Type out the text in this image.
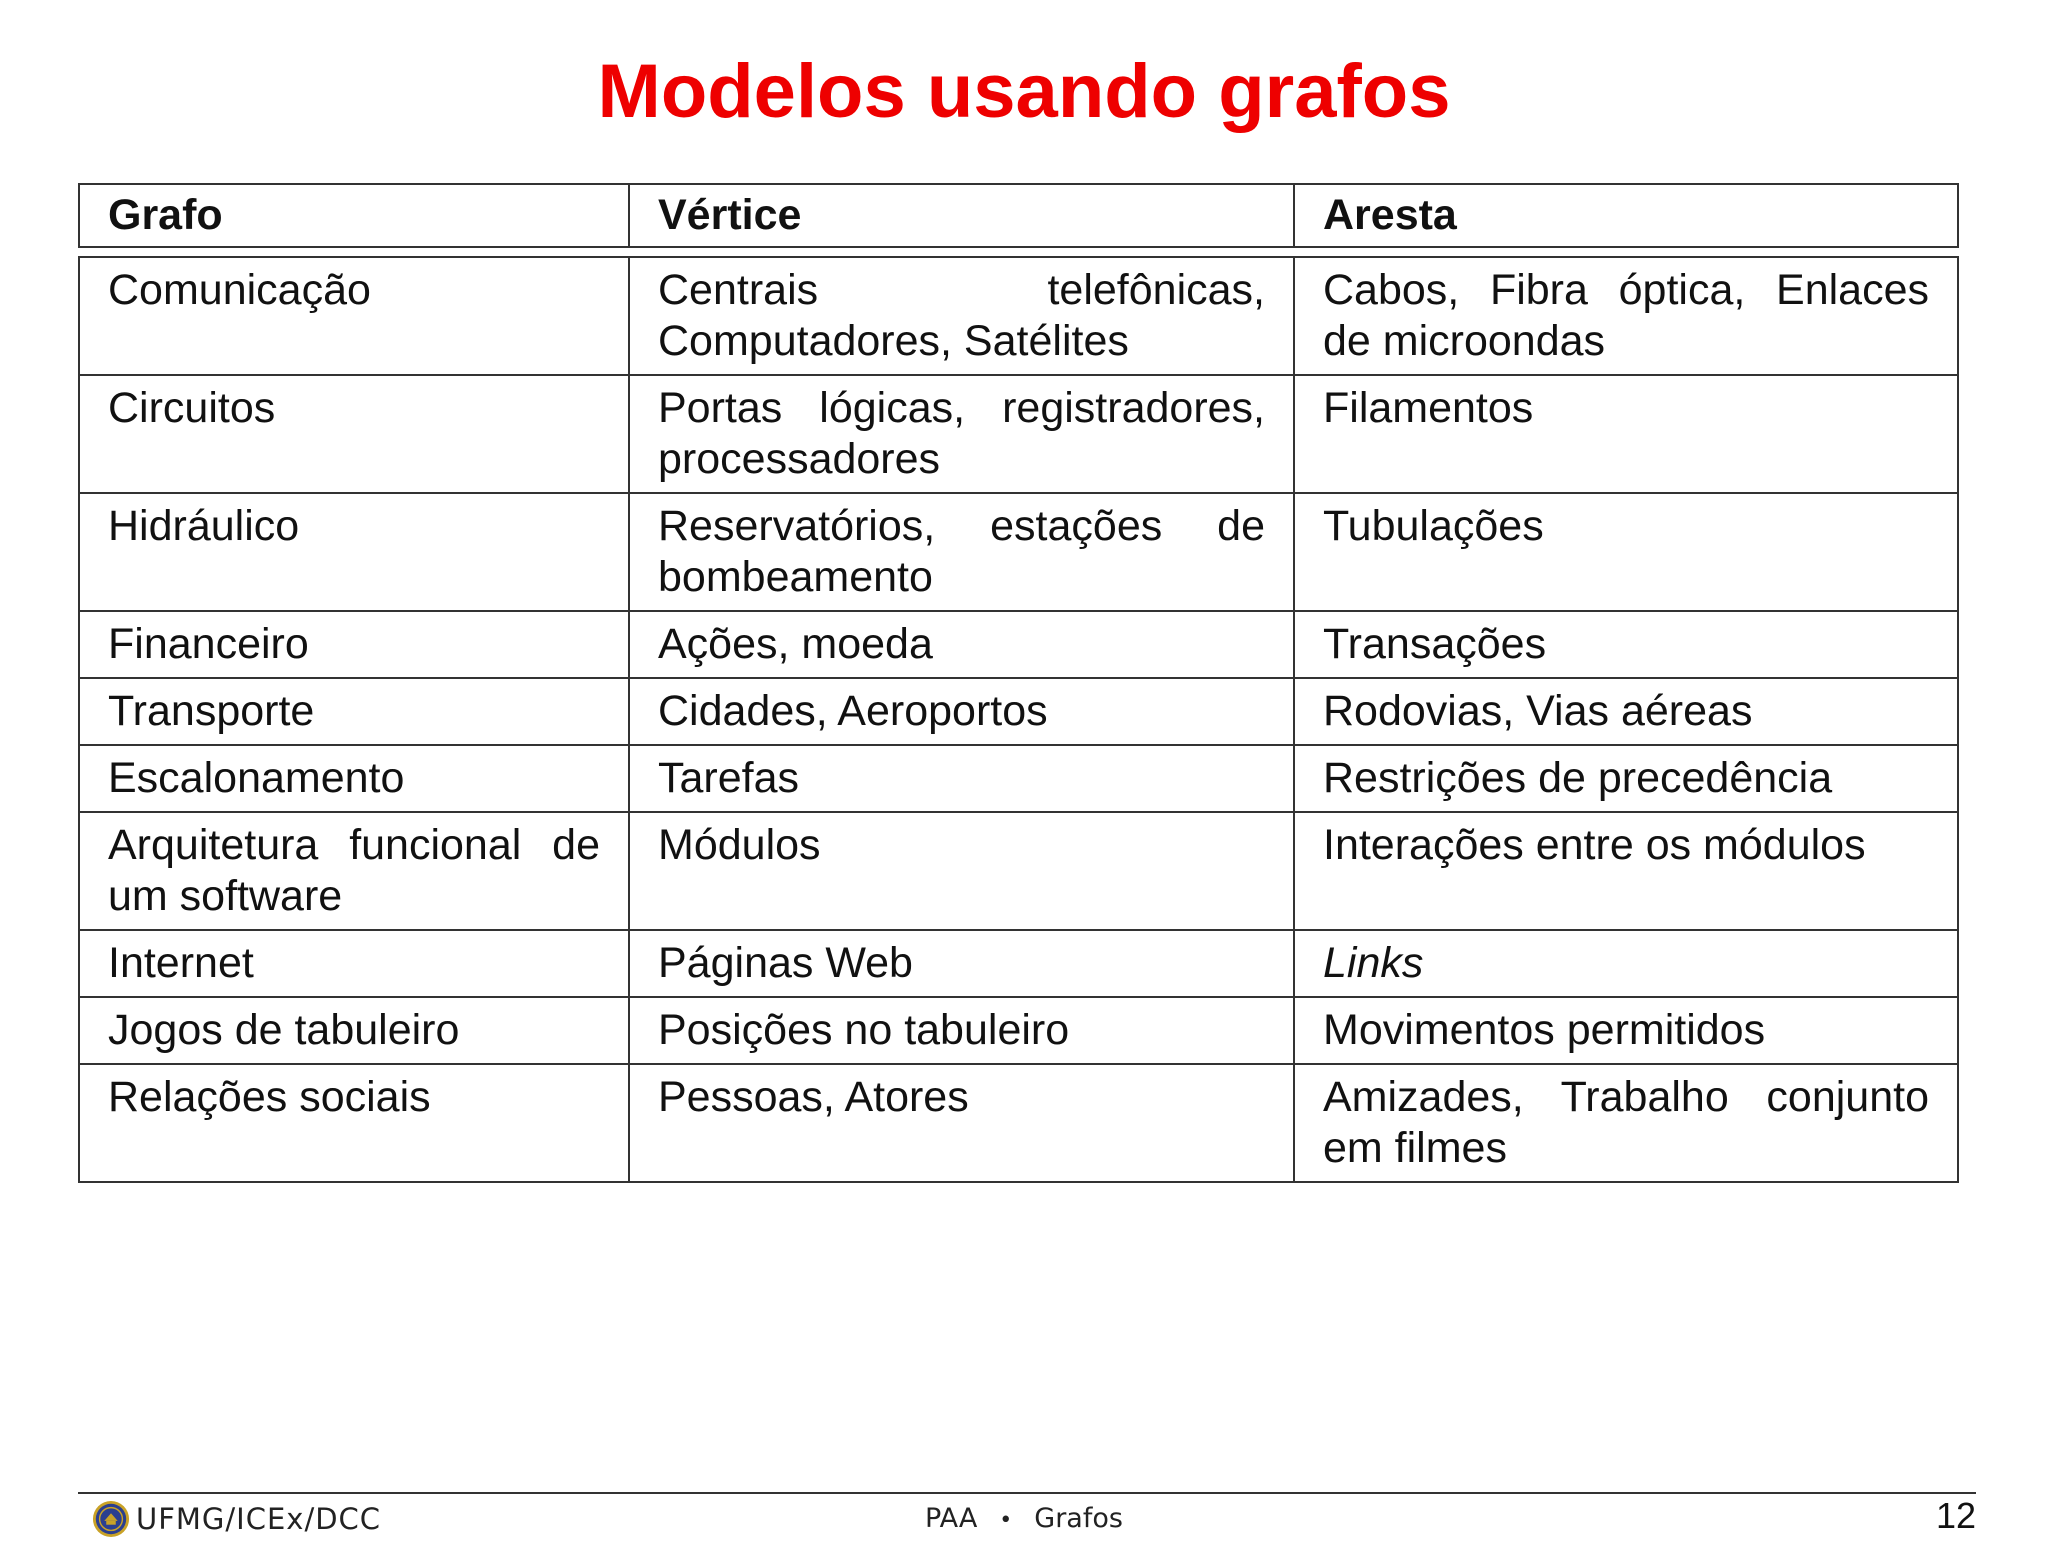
Modelos usando grafos
Grafo	Vértice	Aresta

Comunicação	Centrais telefônicas, Computadores, Satélites	Cabos, Fibra óptica, Enlaces de microondas
Circuitos	Portas lógicas, registradores, processadores	Filamentos
Hidráulico	Reservatórios, estações de bombeamento	Tubulações
Financeiro	Ações, moeda	Transações
Transporte	Cidades, Aeroportos	Rodovias, Vias aéreas
Escalonamento	Tarefas	Restrições de precedência
Arquitetura funcional de um software	Módulos	Interações entre os módulos
Internet	Páginas Web	Links
Jogos de tabuleiro	Posições no tabuleiro	Movimentos permitidos
Relações sociais	Pessoas, Atores	Amizades, Trabalho conjunto em filmes
UFMG/ICEx/DCC	PAA • Grafos	12
